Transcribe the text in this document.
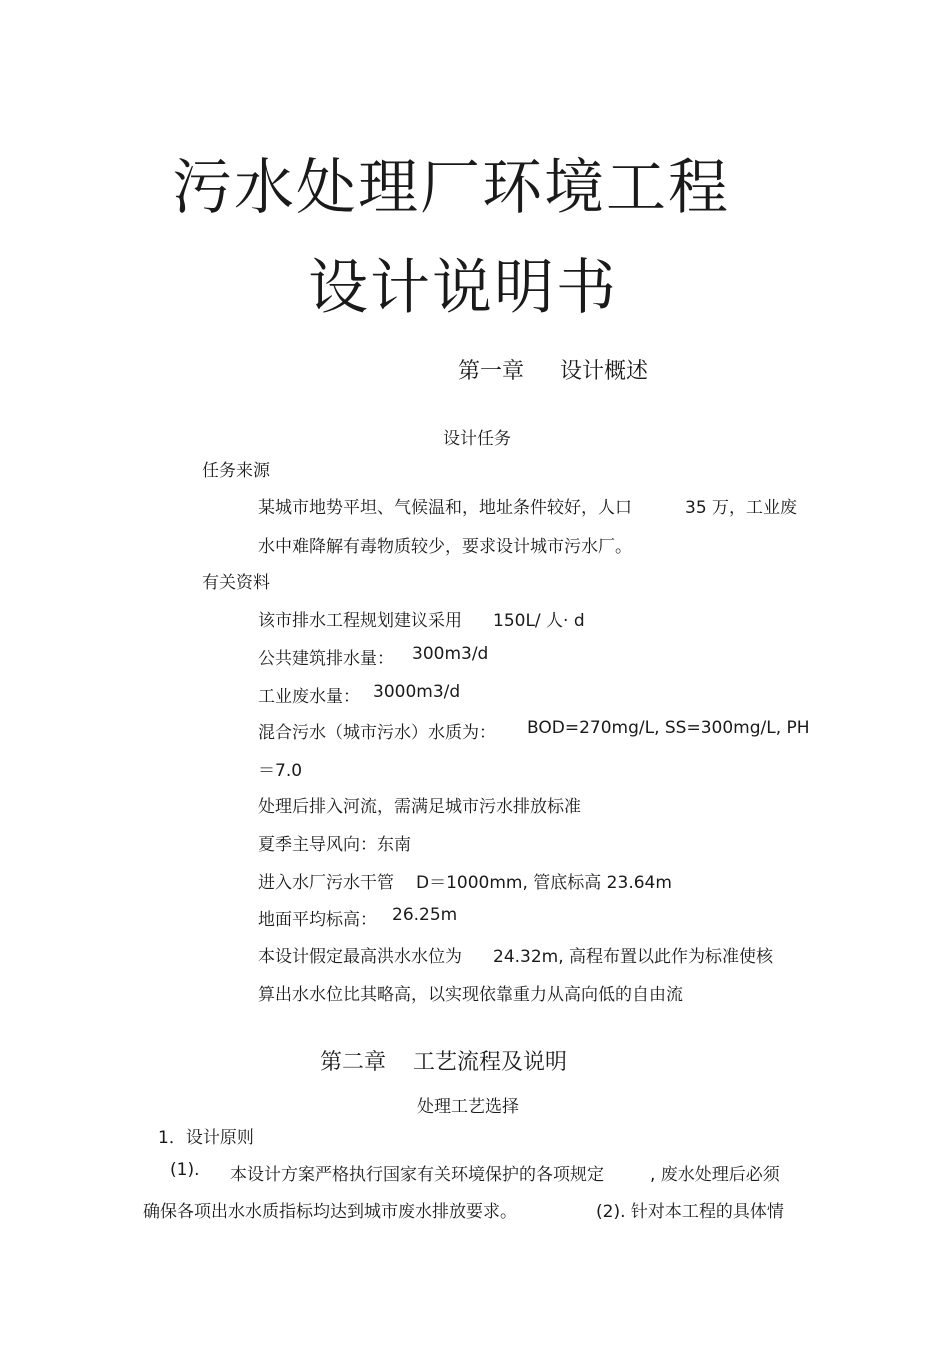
污水处理厂环境工程
设计说明书
第一章 设计概述
设计任务
任务来源
某城市地势平坦、气候温和，地址条件较好，人口	35 万，工业废
水中难降解有毒物质较少，要求设计城市污水厂。
有关资料
该市排水工程规划建议采用 150L/ 人· d
公共建筑排水量： 300m3/d
工业废水量： 3000m3/d
混合污水（城市污水）水质为： BOD=270mg/L, SS=300mg/L, PH
＝7.0
处理后排入河流，需满足城市污水排放标准
夏季主导风向：东南
进入水厂污水干管 D＝1000mm, 管底标高 23.64m
地面平均标高： 26.25m
本设计假定最高洪水水位为 24.32m, 高程布置以此作为标准使核
算出水水位比其略高，以实现依靠重力从高向低的自由流
第二章 工艺流程及说明
处理工艺选择
1．设计原则
(1). 本设计方案严格执行国家有关环境保护的各项规定	, 废水处理后必须
确保各项出水水质指标均达到城市废水排放要求。	(2). 针对本工程的具体情
